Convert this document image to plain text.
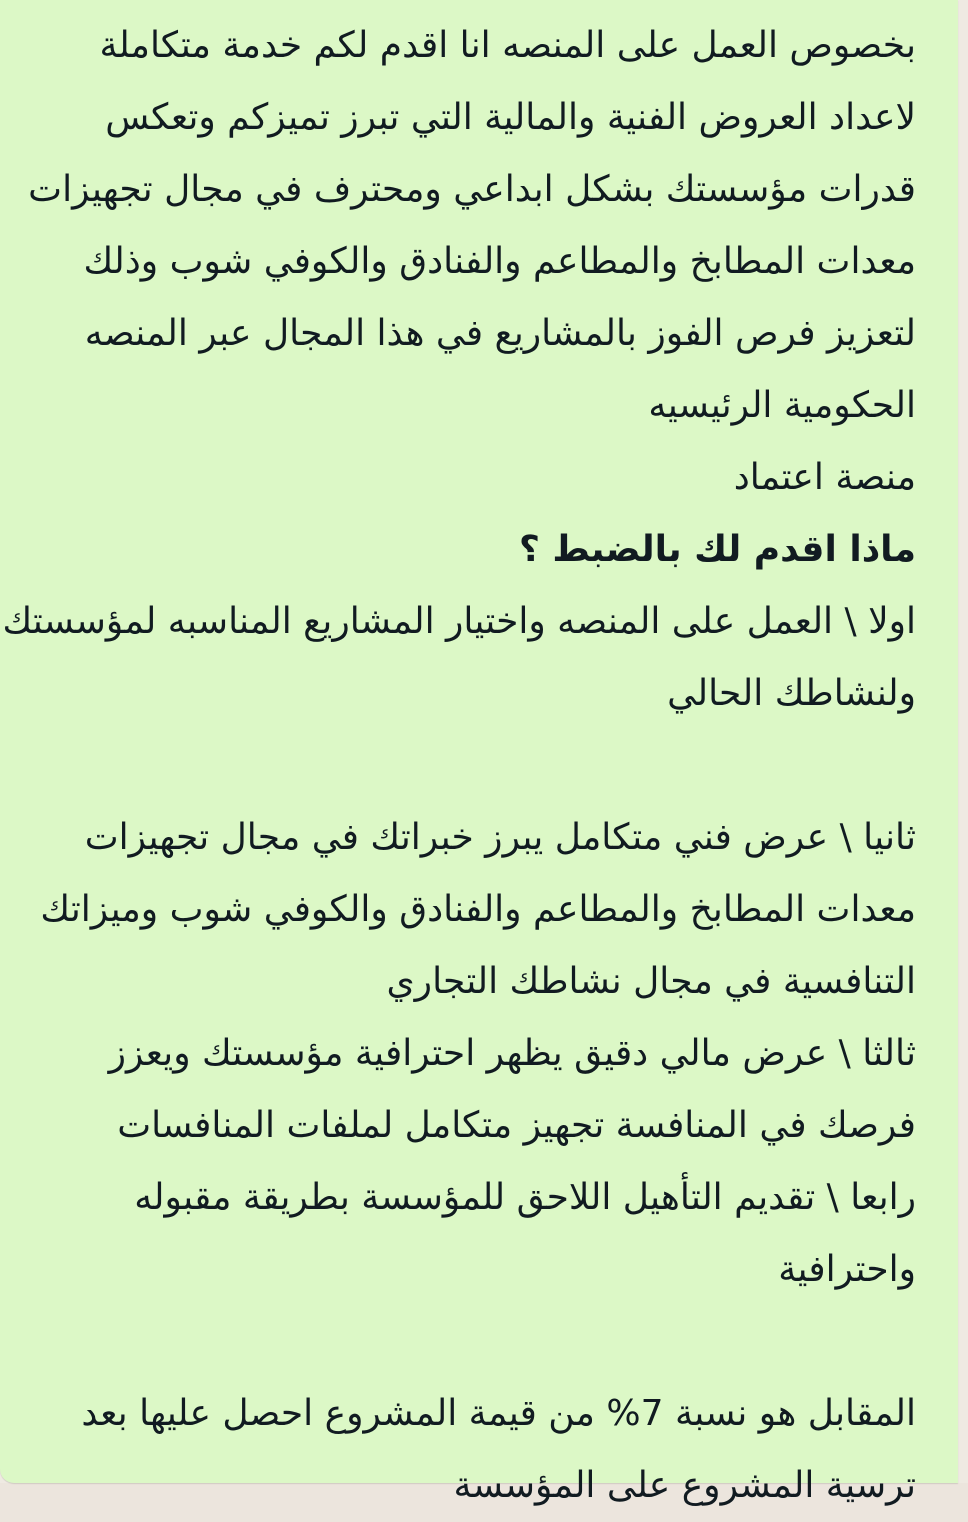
بخصوص العمل على المنصه انا اقدم لكم خدمة متكاملة
لاعداد العروض الفنية والمالية التي تبرز تميزكم وتعكس
قدرات مؤسستك بشكل ابداعي ومحترف في مجال تجهيزات
معدات المطابخ والمطاعم والفنادق والكوفي شوب وذلك
لتعزيز فرص الفوز بالمشاريع في هذا المجال عبر المنصه
الحكومية الرئيسيه
منصة اعتماد
ماذا اقدم لك بالضبط ؟
اولا \ العمل على المنصه واختيار المشاريع المناسبه لمؤسستك
ولنشاطك الحالي
ثانيا \ عرض فني متكامل يبرز خبراتك في مجال تجهيزات
معدات المطابخ والمطاعم والفنادق والكوفي شوب وميزاتك
التنافسية في مجال نشاطك التجاري
ثالثا \ عرض مالي دقيق يظهر احترافية مؤسستك ويعزز
فرصك في المنافسة تجهيز متكامل لملفات المنافسات
رابعا \ تقديم التأهيل اللاحق للمؤسسة بطريقة مقبوله
واحترافية
المقابل هو نسبة 7% من قيمة المشروع احصل عليها بعد
ترسية المشروع على المؤسسة
